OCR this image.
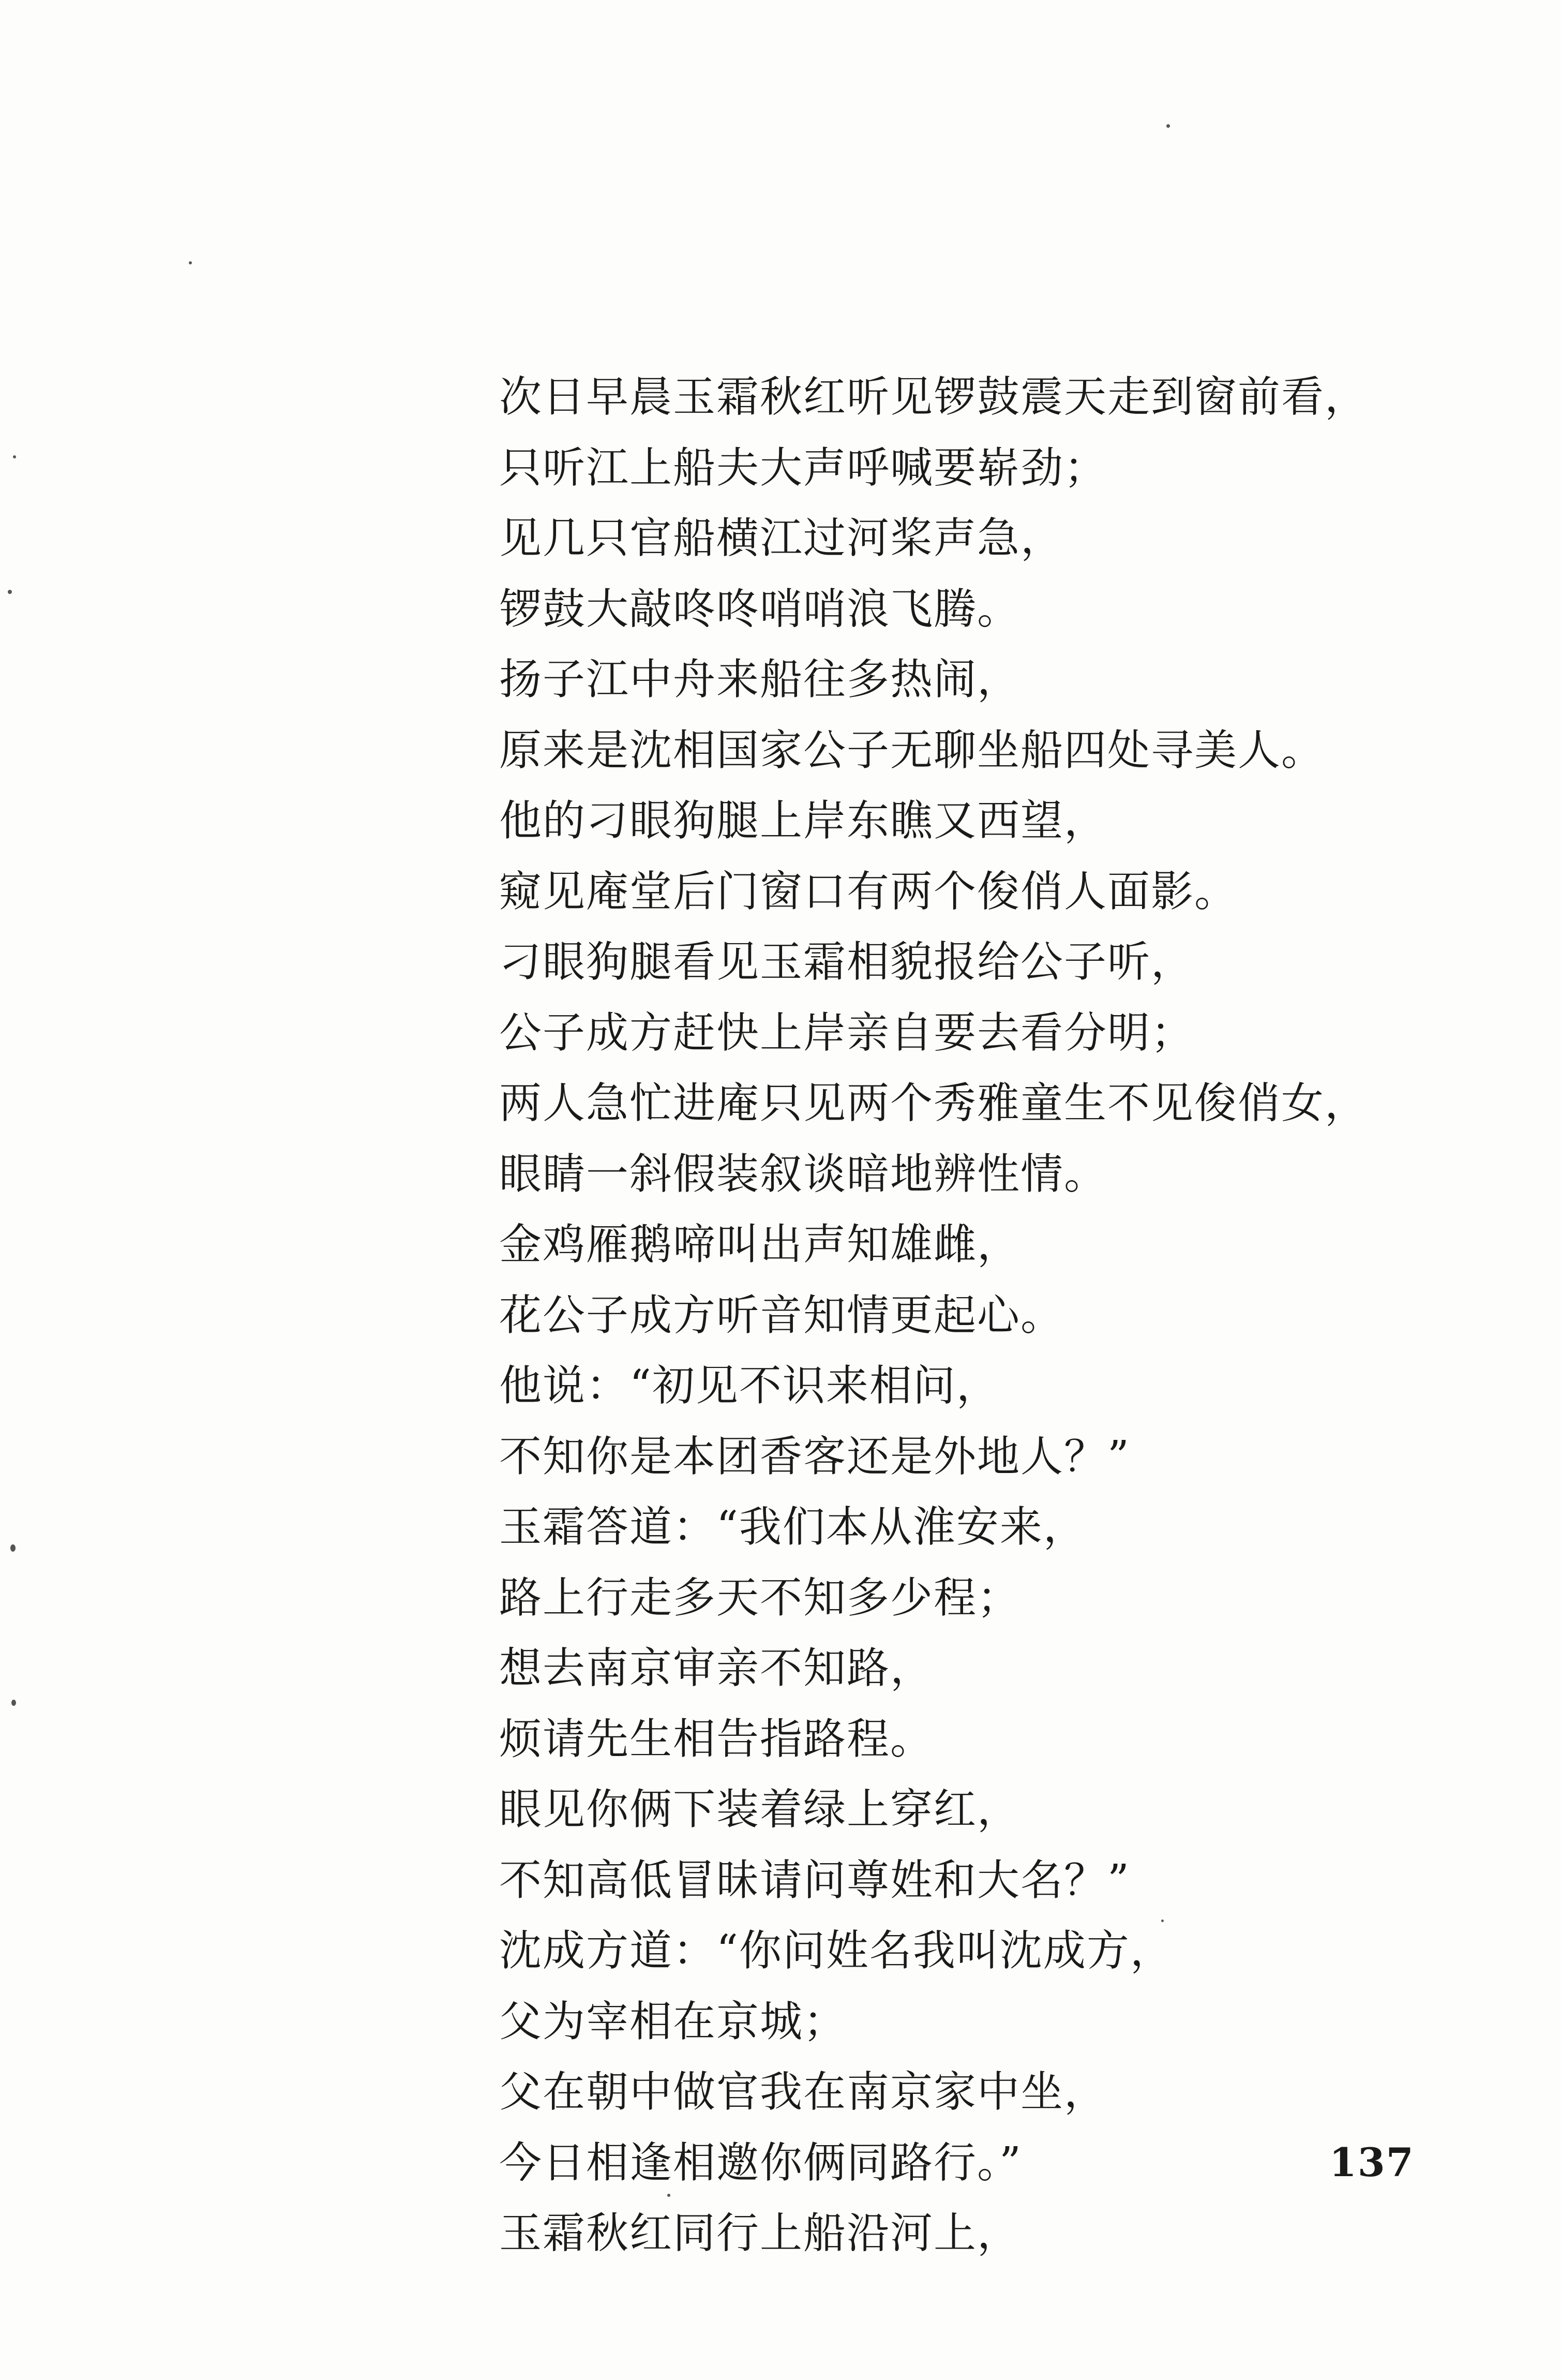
次日早晨玉霜秋红听见锣鼓震天走到窗前看，
只听江上船夫大声呼喊要崭劲；
见几只官船横江过河桨声急，
锣鼓大敲咚咚哨哨浪飞腾。
扬子江中舟来船往多热闹，
原来是沈相国家公子无聊坐船四处寻美人。
他的刁眼狗腿上岸东瞧又西望，
窥见庵堂后门窗口有两个俊俏人面影。
刁眼狗腿看见玉霜相貌报给公子听，
公子成方赶快上岸亲自要去看分明；
两人急忙进庵只见两个秀雅童生不见俊俏女，
眼睛一斜假装叙谈暗地辨性情。
金鸡雁鹅啼叫出声知雄雌，
花公子成方听音知情更起心。
他说：“初见不识来相问，
不知你是本团香客还是外地人？”
玉霜答道：“我们本从淮安来，
路上行走多天不知多少程；
想去南京审亲不知路，
烦请先生相告指路程。
眼见你俩下装着绿上穿红，
不知高低冒昧请问尊姓和大名？”
沈成方道：“你问姓名我叫沈成方，
父为宰相在京城；
父在朝中做官我在南京家中坐，
今日相逢相邀你俩同路行。”
玉霜秋红同行上船沿河上，
137
